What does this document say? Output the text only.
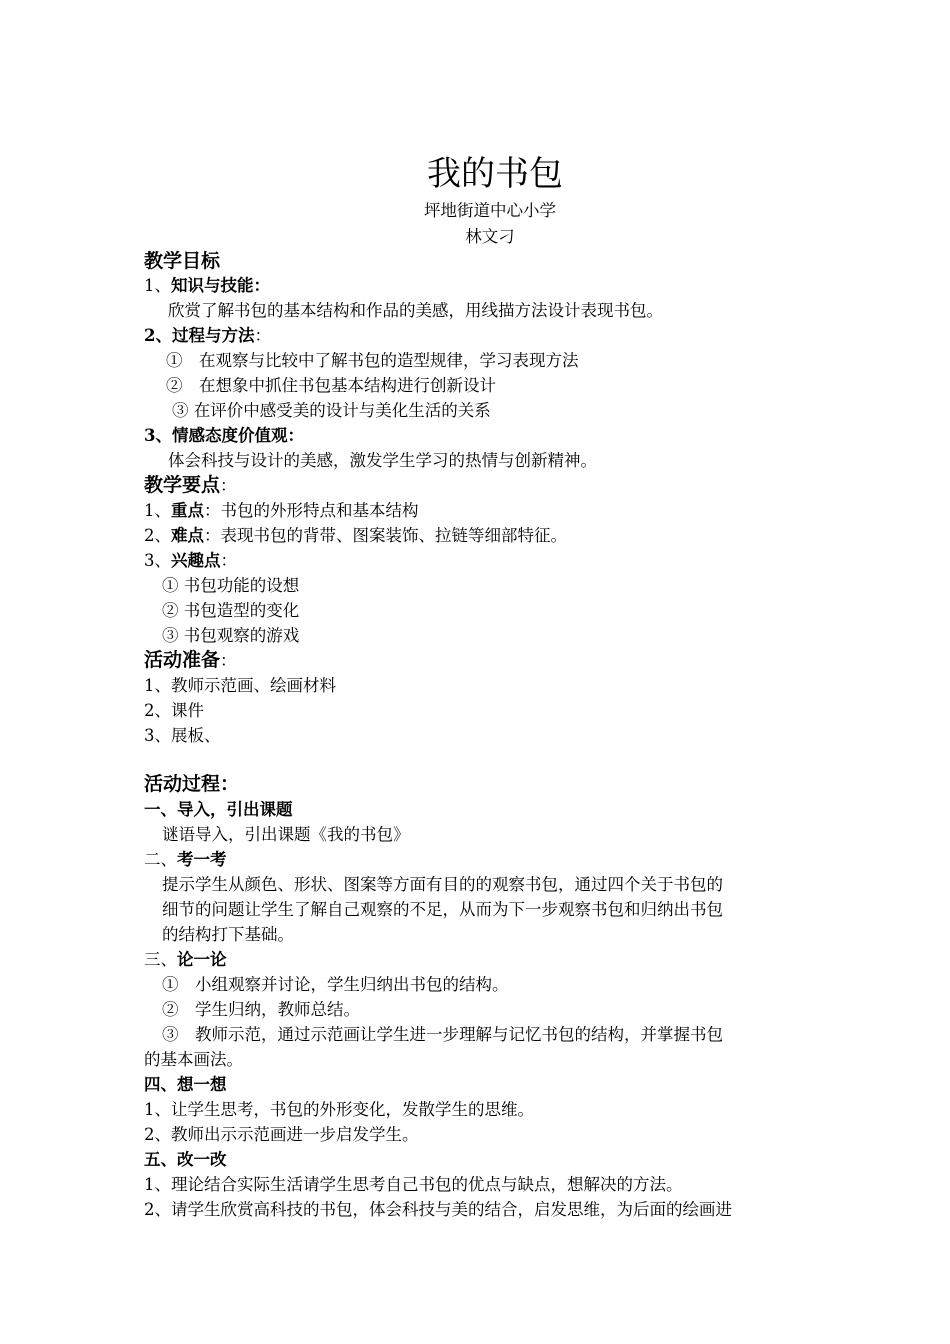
我的书包
坪地街道中心小学
林文刁
教学目标
1、知识与技能：
欣赏了解书包的基本结构和作品的美感，用线描方法设计表现书包。
2、过程与方法：
①　在观察与比较中了解书包的造型规律，学习表现方法
②　在想象中抓住书包基本结构进行创新设计
③ 在评价中感受美的设计与美化生活的关系
3、情感态度价值观：
体会科技与设计的美感，激发学生学习的热情与创新精神。
教学要点：
1、重点：书包的外形特点和基本结构
2、难点：表现书包的背带、图案装饰、拉链等细部特征。
3、兴趣点：
① 书包功能的设想
② 书包造型的变化
③ 书包观察的游戏
活动准备：
1、教师示范画、绘画材料
2、课件
3、展板、
活动过程：
一、导入，引出课题
谜语导入，引出课题《我的书包》
二、考一考
提示学生从颜色、形状、图案等方面有目的的观察书包，通过四个关于书包的
细节的问题让学生了解自己观察的不足，从而为下一步观察书包和归纳出书包
的结构打下基础。
三、论一论
①　小组观察并讨论，学生归纳出书包的结构。
②　学生归纳，教师总结。
③　教师示范，通过示范画让学生进一步理解与记忆书包的结构，并掌握书包
的基本画法。
四、想一想
1、让学生思考，书包的外形变化，发散学生的思维。
2、教师出示示范画进一步启发学生。
五、改一改
1、理论结合实际生活请学生思考自己书包的优点与缺点，想解决的方法。
2、请学生欣赏高科技的书包，体会科技与美的结合，启发思维，为后面的绘画进
